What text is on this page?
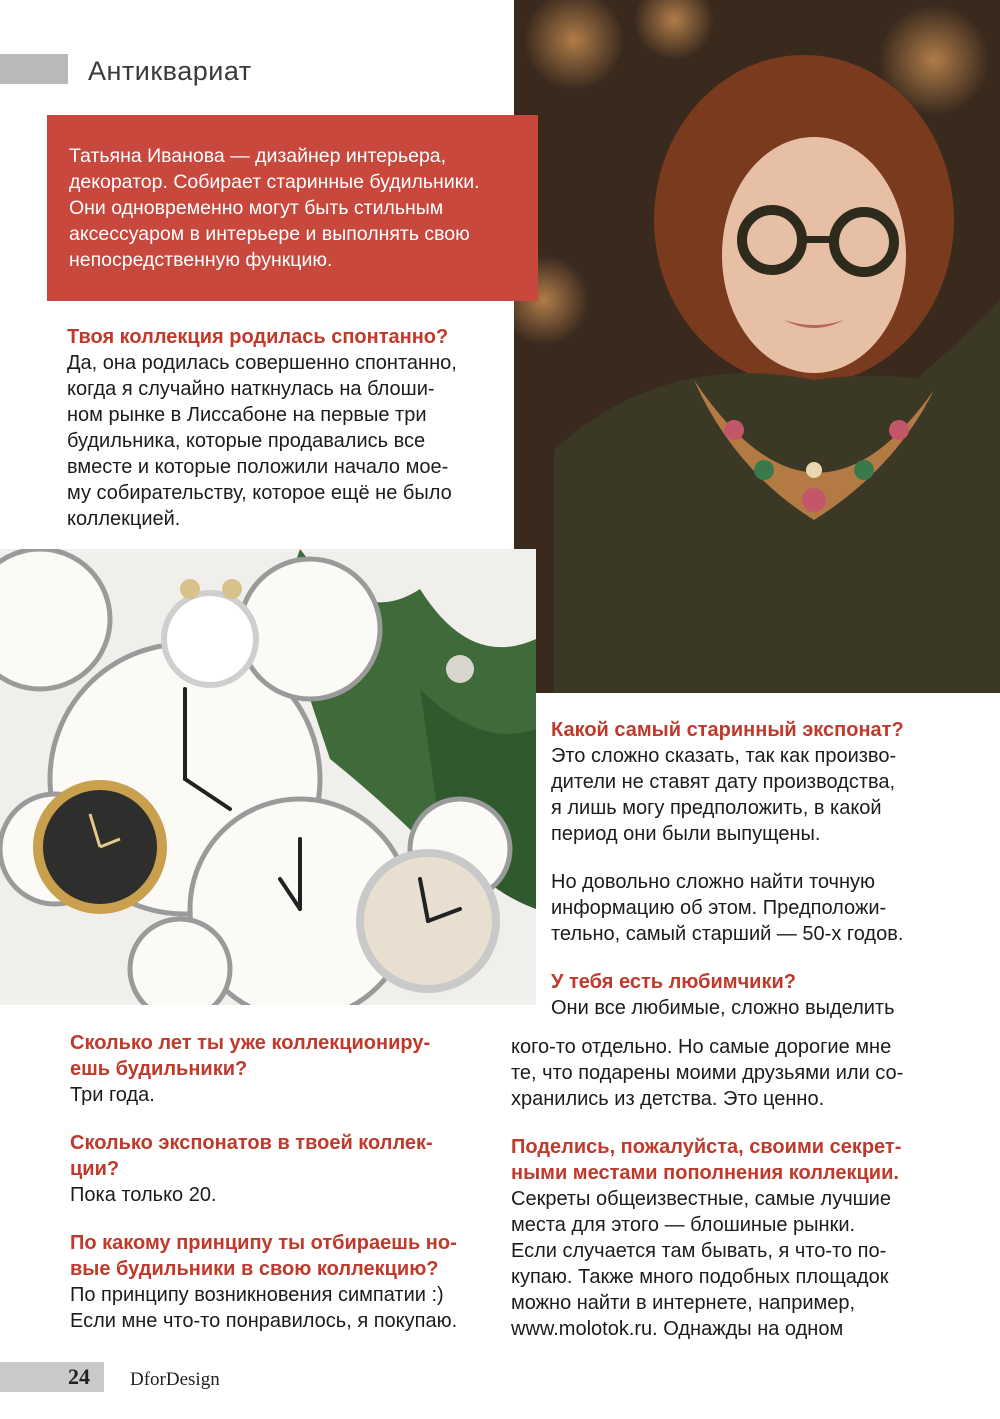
Антиквариат
Татьяна Иванова — дизайнер интерьера,
декоратор. Собирает старинные будильники.
Они одновременно могут быть стильным
аксессуаром в интерьере и выполнять свою
непосредственную функцию.
Твоя коллекция родилась спонтанно?
Да, она родилась совершенно спонтанно,
когда я случайно наткнулась на блоши-
ном рынке в Лиссабоне на первые три
будильника, которые продавались все
вместе и которые положили начало мое-
му собирательству, которое ещё не было
коллекцией.
Какой самый старинный экспонат?
Это сложно сказать, так как произво-
дители не ставят дату производства,
я лишь могу предположить, в какой
период они были выпущены.
Но довольно сложно найти точную
информацию об этом. Предположи-
тельно, самый старший — 50-х годов.
У тебя есть любимчики?
Они все любимые, сложно выделить
кого-то отдельно. Но самые дорогие мне
те, что подарены моими друзьями или со-
хранились из детства. Это ценно.
Поделись, пожалуйста, своими секрет-
ными местами пополнения коллекции.
Секреты общеизвестные, самые лучшие
места для этого — блошиные рынки.
Если случается там бывать, я что-то по-
купаю. Также много подобных площадок
можно найти в интернете, например,
www.molotok.ru. Однажды на одном
Сколько лет ты уже коллекциониру-
ешь будильники?
Три года.
Сколько экспонатов в твоей коллек-
ции?
Пока только 20.
По какому принципу ты отбираешь но-
вые будильники в свою коллекцию?
По принципу возникновения симпатии :)
Если мне что-то понравилось, я покупаю.
24 DforDesign
